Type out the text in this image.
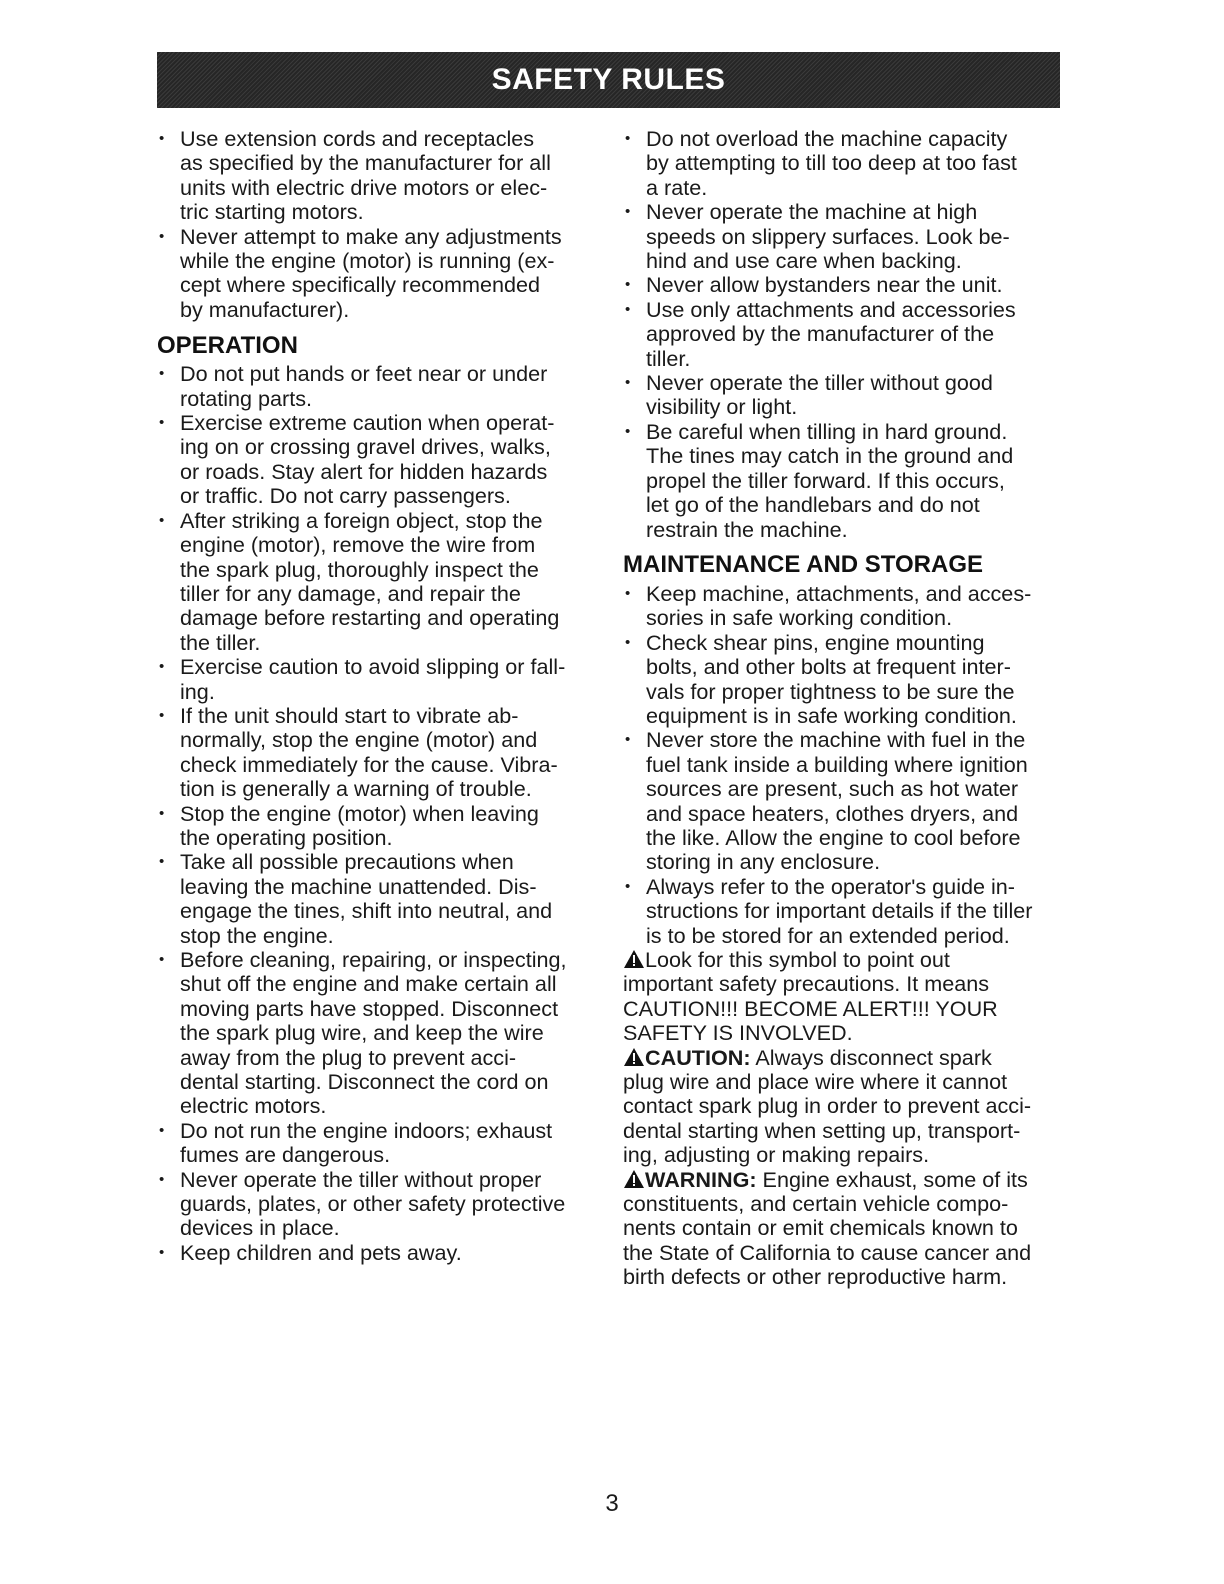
SAFETY RULES
• Use extension cords and receptacles
as specified by the manufacturer for all
units with electric drive motors or elec-
tric starting motors.
• Never attempt to make any adjustments
while the engine (motor) is running (ex-
cept where specifically recommended
by manufacturer).
OPERATION
• Do not put hands or feet near or under
rotating parts.
• Exercise extreme caution when operat-
ing on or crossing gravel drives, walks,
or roads. Stay alert for hidden hazards
or traffic. Do not carry passengers.
• After striking a foreign object, stop the
engine (motor), remove the wire from
the spark plug, thoroughly inspect the
tiller for any damage, and repair the
damage before restarting and operating
the tiller.
• Exercise caution to avoid slipping or fall-
ing.
• If the unit should start to vibrate ab-
normally, stop the engine (motor) and
check immediately for the cause. Vibra-
tion is generally a warning of trouble.
• Stop the engine (motor) when leaving
the operating position.
• Take all possible precautions when
leaving the machine unattended. Dis-
engage the tines, shift into neutral, and
stop the engine.
• Before cleaning, repairing, or inspecting,
shut off the engine and make certain all
moving parts have stopped. Disconnect
the spark plug wire, and keep the wire
away from the plug to prevent acci-
dental starting. Disconnect the cord on
electric motors.
• Do not run the engine indoors; exhaust
fumes are dangerous.
• Never operate the tiller without proper
guards, plates, or other safety protective
devices in place.
• Keep children and pets away.
• Do not overload the machine capacity
by attempting to till too deep at too fast
a rate.
• Never operate the machine at high
speeds on slippery surfaces. Look be-
hind and use care when backing.
• Never allow bystanders near the unit.
• Use only attachments and accessories
approved by the manufacturer of the
tiller.
• Never operate the tiller without good
visibility or light.
• Be careful when tilling in hard ground.
The tines may catch in the ground and
propel the tiller forward. If this occurs,
let go of the handlebars and do not
restrain the machine.
MAINTENANCE AND STORAGE
• Keep machine, attachments, and acces-
sories in safe working condition.
• Check shear pins, engine mounting
bolts, and other bolts at frequent inter-
vals for proper tightness to be sure the
equipment is in safe working condition.
• Never store the machine with fuel in the
fuel tank inside a building where ignition
sources are present, such as hot water
and space heaters, clothes dryers, and
the like. Allow the engine to cool before
storing in any enclosure.
• Always refer to the operator's guide in-
structions for important details if the tiller
is to be stored for an extended period.

Look for this symbol to point out
important safety precautions. It means
CAUTION!!! BECOME ALERT!!! YOUR
SAFETY IS INVOLVED.

CAUTION: Always disconnect spark
plug wire and place wire where it cannot
contact spark plug in order to prevent acci-
dental starting when setting up, transport-
ing, adjusting or making repairs.

WARNING: Engine exhaust, some of its
constituents, and certain vehicle compo-
nents contain or emit chemicals known to
the State of California to cause cancer and
birth defects or other reproductive harm.

3
